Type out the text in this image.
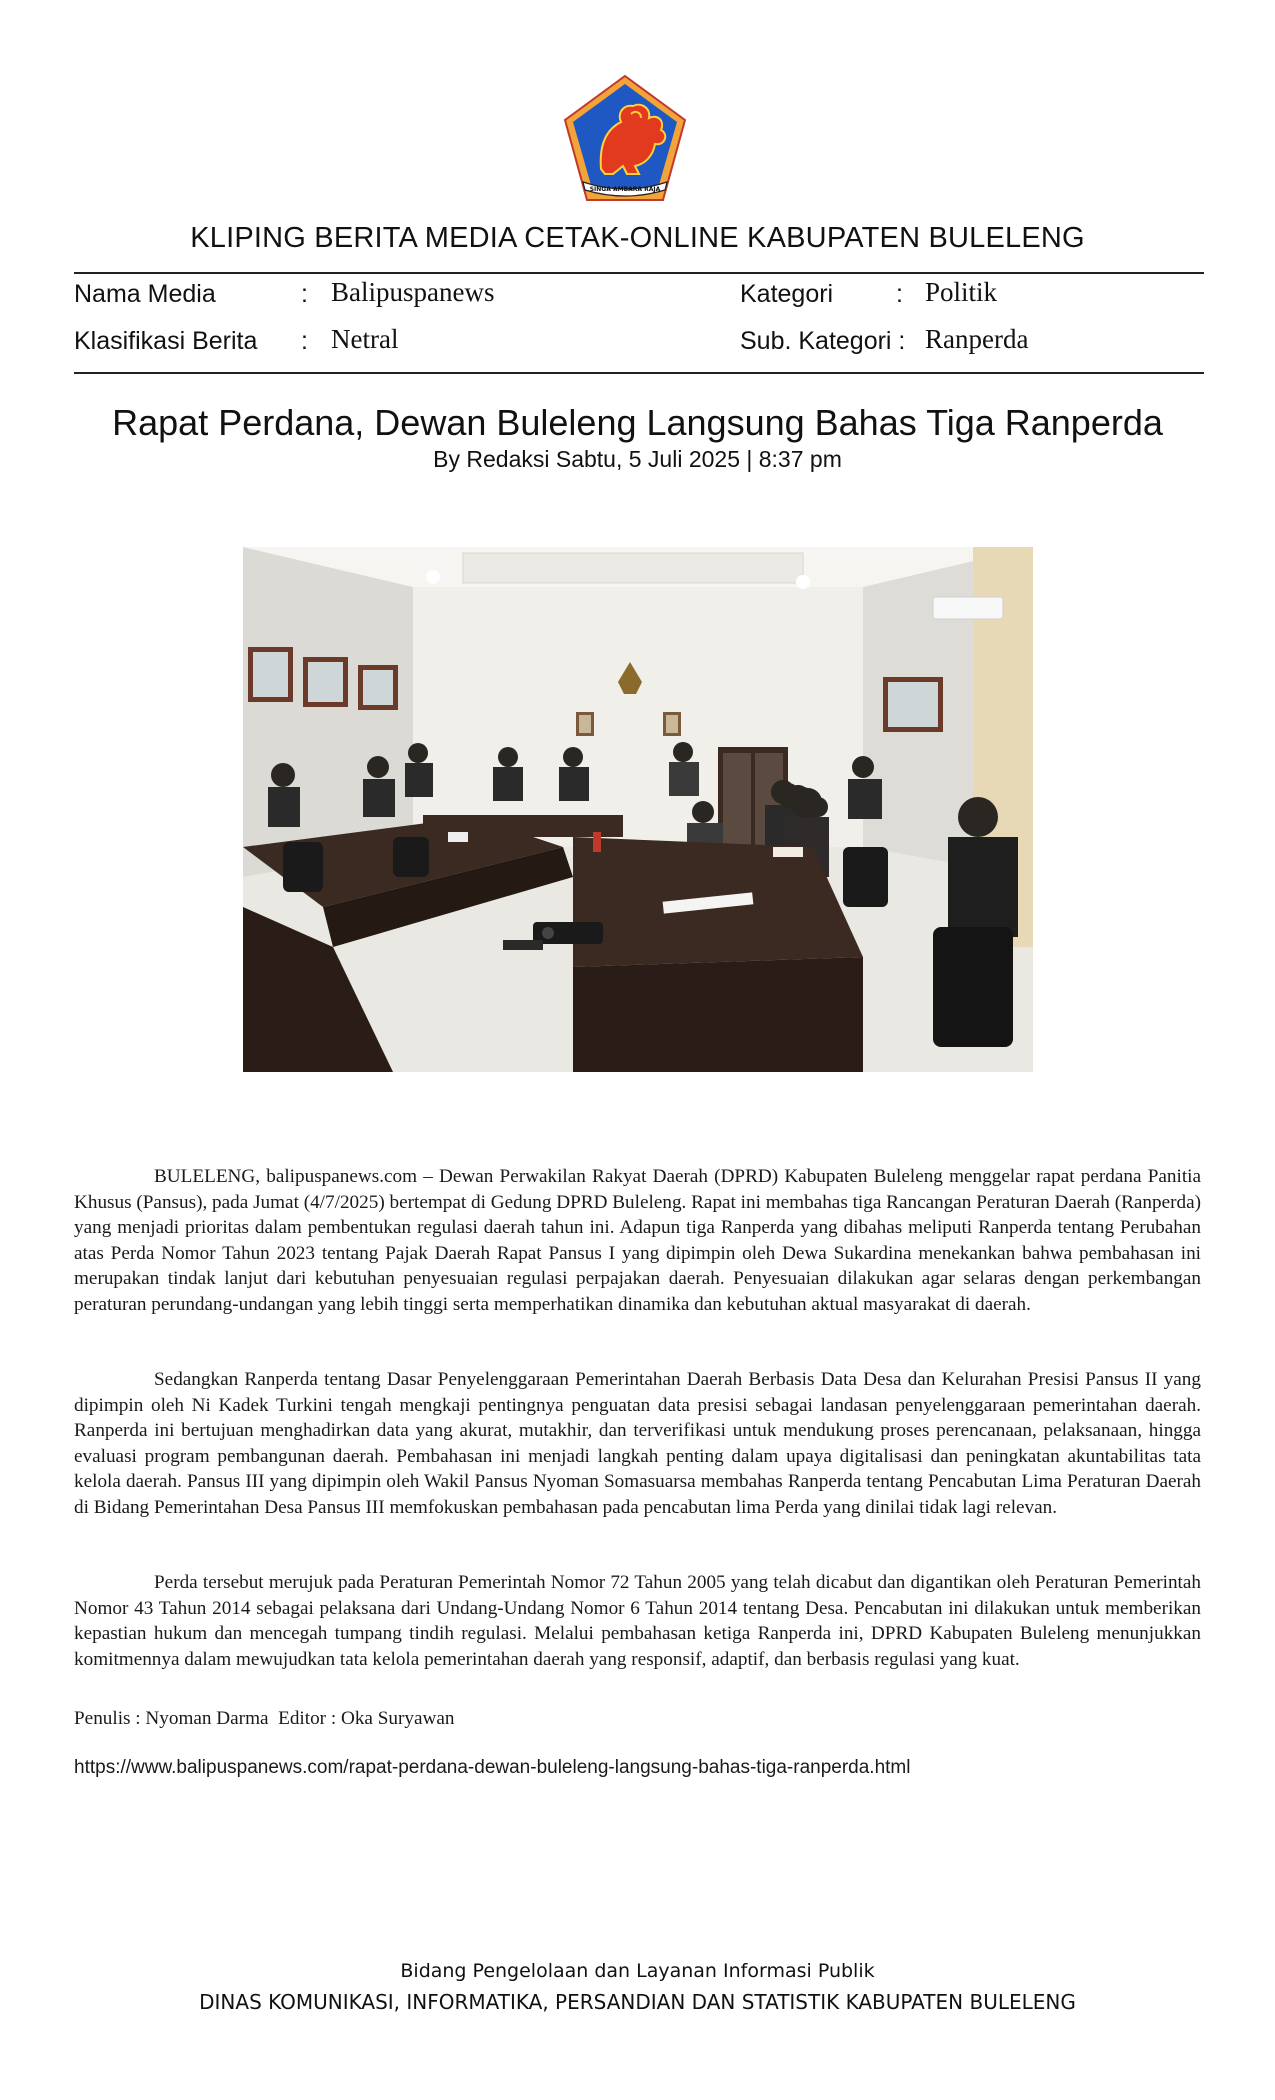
SINGA AMBARA RAJA
KLIPING BERITA MEDIA CETAK-ONLINE KABUPATEN BULELENG
Nama Media	: Balipuspanews	Kategori	: Politik
Klasifikasi Berita : Netral	Sub. Kategori : Ranperda
Rapat Perdana, Dewan Buleleng Langsung Bahas Tiga Ranperda
By Redaksi Sabtu, 5 Juli 2025 | 8:37 pm

BULELENG, balipuspanews.com – Dewan Perwakilan Rakyat Daerah (DPRD) Kabupaten Buleleng menggelar rapat perdana Panitia Khusus (Pansus), pada Jumat (4/7/2025) bertempat di Gedung DPRD Buleleng. Rapat ini membahas tiga Rancangan Peraturan Daerah (Ranperda) yang menjadi prioritas dalam pembentukan regulasi daerah tahun ini. Adapun tiga Ranperda yang dibahas meliputi Ranperda tentang Perubahan atas Perda Nomor Tahun 2023 tentang Pajak Daerah Rapat Pansus I yang dipimpin oleh Dewa Sukardina menekankan bahwa pembahasan ini merupakan tindak lanjut dari kebutuhan penyesuaian regulasi perpajakan daerah. Penyesuaian dilakukan agar selaras dengan perkembangan peraturan perundang-undangan yang lebih tinggi serta memperhatikan dinamika dan kebutuhan aktual masyarakat di daerah.

Sedangkan Ranperda tentang Dasar Penyelenggaraan Pemerintahan Daerah Berbasis Data Desa dan Kelurahan Presisi Pansus II yang dipimpin oleh Ni Kadek Turkini tengah mengkaji pentingnya penguatan data presisi sebagai landasan penyelenggaraan pemerintahan daerah. Ranperda ini bertujuan menghadirkan data yang akurat, mutakhir, dan terverifikasi untuk mendukung proses perencanaan, pelaksanaan, hingga evaluasi program pembangunan daerah. Pembahasan ini menjadi langkah penting dalam upaya digitalisasi dan peningkatan akuntabilitas tata kelola daerah. Pansus III yang dipimpin oleh Wakil Pansus Nyoman Somasuarsa membahas Ranperda tentang Pencabutan Lima Peraturan Daerah di Bidang Pemerintahan Desa Pansus III memfokuskan pembahasan pada pencabutan lima Perda yang dinilai tidak lagi relevan.

Perda tersebut merujuk pada Peraturan Pemerintah Nomor 72 Tahun 2005 yang telah dicabut dan digantikan oleh Peraturan Pemerintah Nomor 43 Tahun 2014 sebagai pelaksana dari Undang-Undang Nomor 6 Tahun 2014 tentang Desa. Pencabutan ini dilakukan untuk memberikan kepastian hukum dan mencegah tumpang tindih regulasi. Melalui pembahasan ketiga Ranperda ini, DPRD Kabupaten Buleleng menunjukkan komitmennya dalam mewujudkan tata kelola pemerintahan daerah yang responsif, adaptif, dan berbasis regulasi yang kuat.

Penulis : Nyoman Darma  Editor : Oka Suryawan
https://www.balipuspanews.com/rapat-perdana-dewan-buleleng-langsung-bahas-tiga-ranperda.html
Bidang Pengelolaan dan Layanan Informasi Publik
DINAS KOMUNIKASI, INFORMATIKA, PERSANDIAN DAN STATISTIK KABUPATEN BULELENG
